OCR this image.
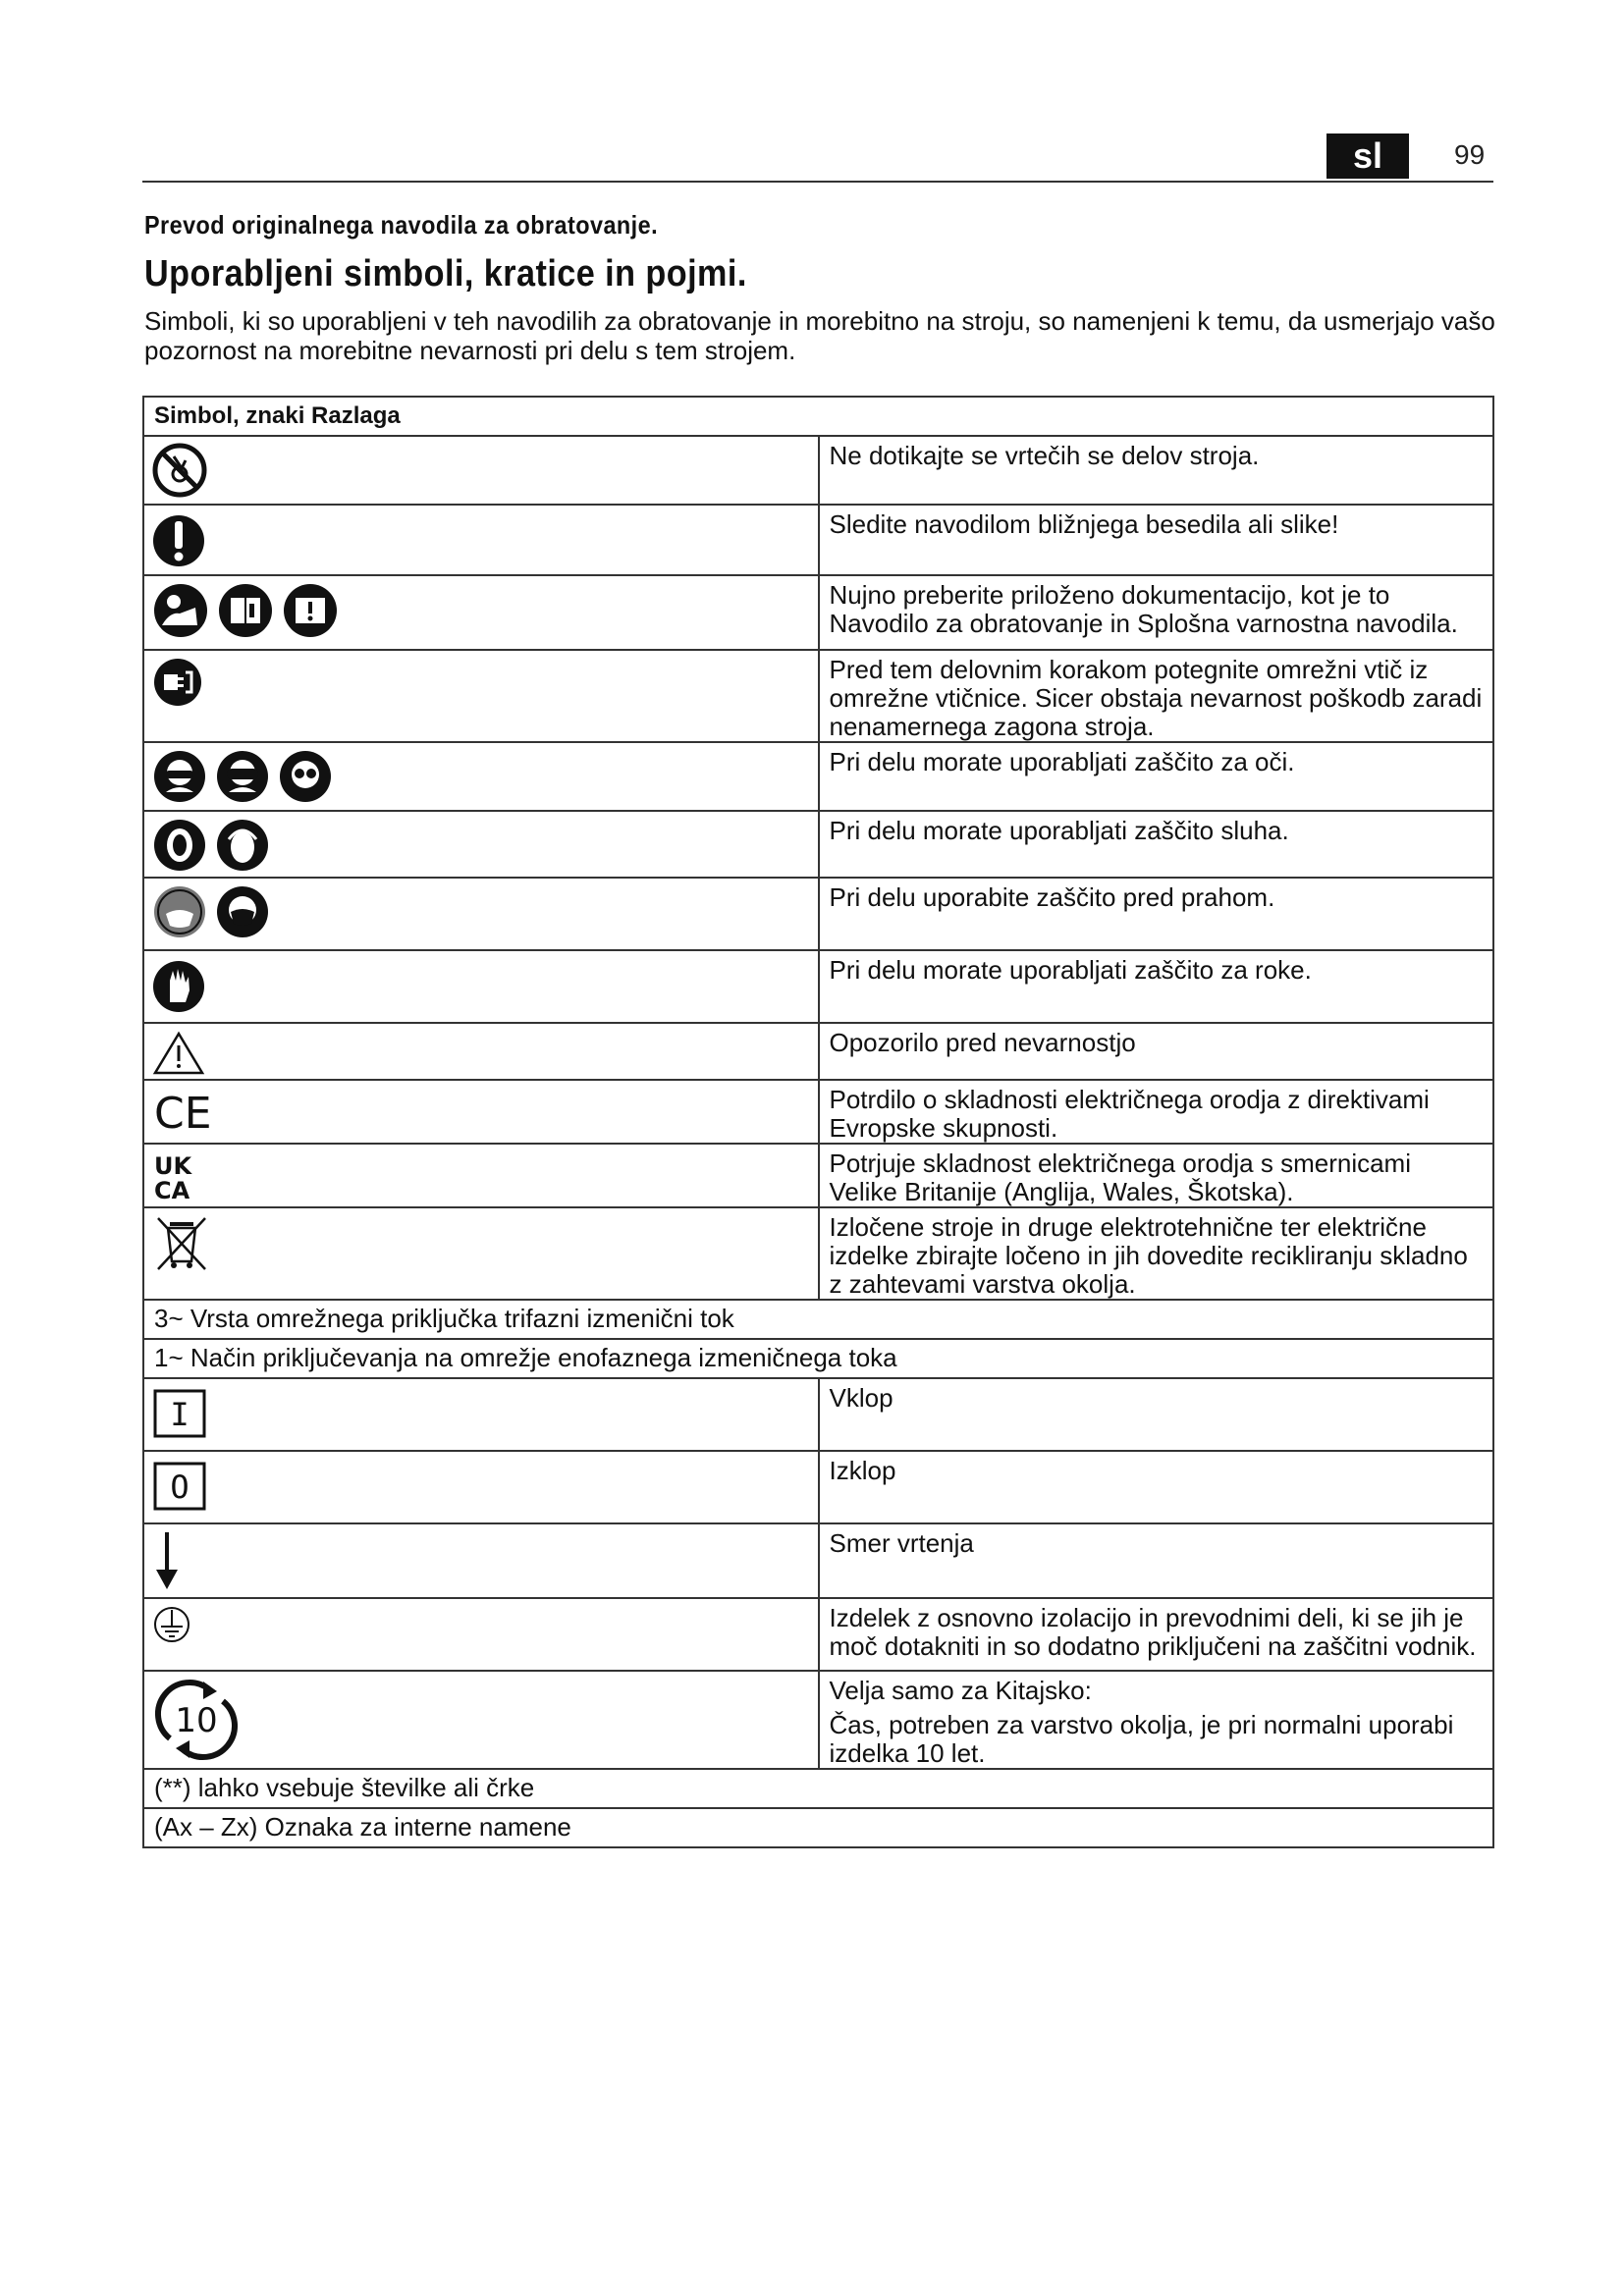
sl	99
Prevod originalnega navodila za obratovanje.
Uporabljeni simboli, kratice in pojmi.
Simboli, ki so uporabljeni v teh navodilih za obratovanje in morebitno na stroju, so namenjeni k temu, da usmerjajo vašo pozornost na morebitne nevarnosti pri delu s tem strojem.
Simbol, znaki Razlaga	

	Ne dotikajte se vrtečih se delov stroja.

	Sledite navodilom bližnjega besedila ali slike!

	Nujno preberite priloženo dokumentacijo, kot je to Navodilo za obratovanje in Splošna varnostna navodila.

	Pred tem delovnim korakom potegnite omrežni vtič iz omrežne vtičnice. Sicer obstaja nevarnost poškodb zaradi nenamernega zagona stroja.

	Pri delu morate uporabljati zaščito za oči.

	Pri delu morate uporabljati zaščito sluha.

	Pri delu uporabite zaščito pred prahom.

	Pri delu morate uporabljati zaščito za roke.

	Opozorilo pred nevarnostjo

CE	Potrdilo o skladnosti električnega orodja z direktivami Evropske skupnosti.

UK
CA	Potrjuje skladnost električnega orodja s smernicami Velike Britanije (Anglija, Wales, Škotska).

	Izločene stroje in druge elektrotehnične ter električne izdelke zbirajte ločeno in jih dovedite recikliranju skladno z zahtevami varstva okolja.
3~ Vrsta omrežnega priključka trifazni izmenični tok	
1~ Način priključevanja na omrežje enofaznega izmeničnega toka	

I	Vklop

O	Izklop

	Smer vrtenja

	Izdelek z osnovno izolacijo in prevodnimi deli, ki se jih je moč dotakniti in so dodatno priključeni na zaščitni vodnik.

10	Velja samo za Kitajsko:
Čas, potreben za varstvo okolja, je pri normalni uporabi izdelka 10 let.

(**) lahko vsebuje številke ali črke	
(Ax – Zx) Oznaka za interne namene	
